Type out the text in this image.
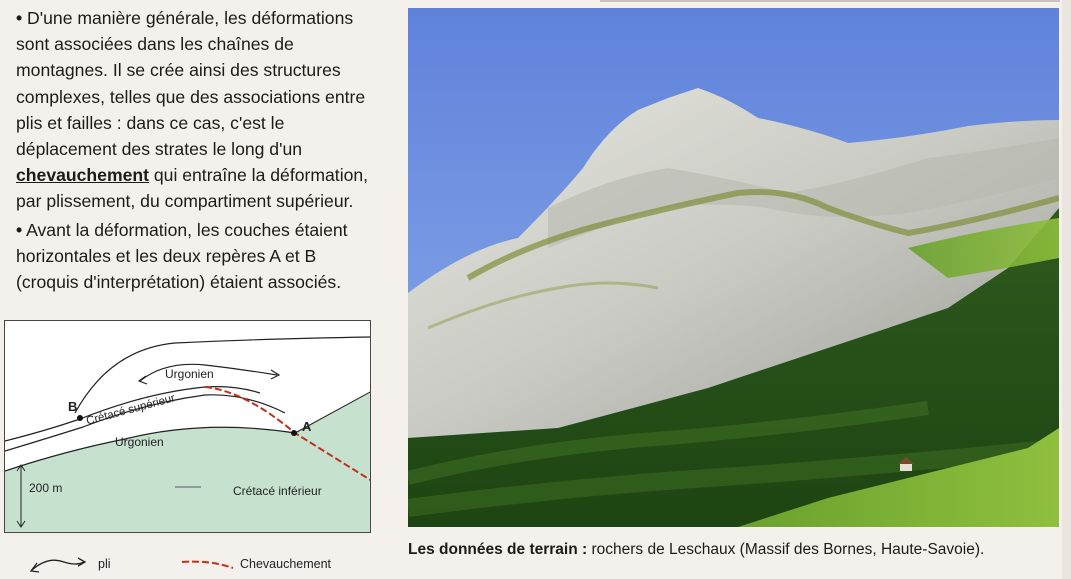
• D'une manière générale, les déformations sont associées dans les chaînes de montagnes. Il se crée ainsi des structures complexes, telles que des associations entre plis et failles : dans ce cas, c'est le déplacement des strates le long d'un chevauchement qui entraîne la déformation, par plissement, du compartiment supérieur.

• Avant la déformation, les couches étaient horizontales et les deux repères A et B (croquis d'interprétation) étaient associés.

B
A
Urgonien
Crétacé supérieur
Urgonien
200 m	Crétacé inférieur
pli	Chevauchement
Les données de terrain : rochers de Leschaux (Massif des Bornes, Haute-Savoie).
